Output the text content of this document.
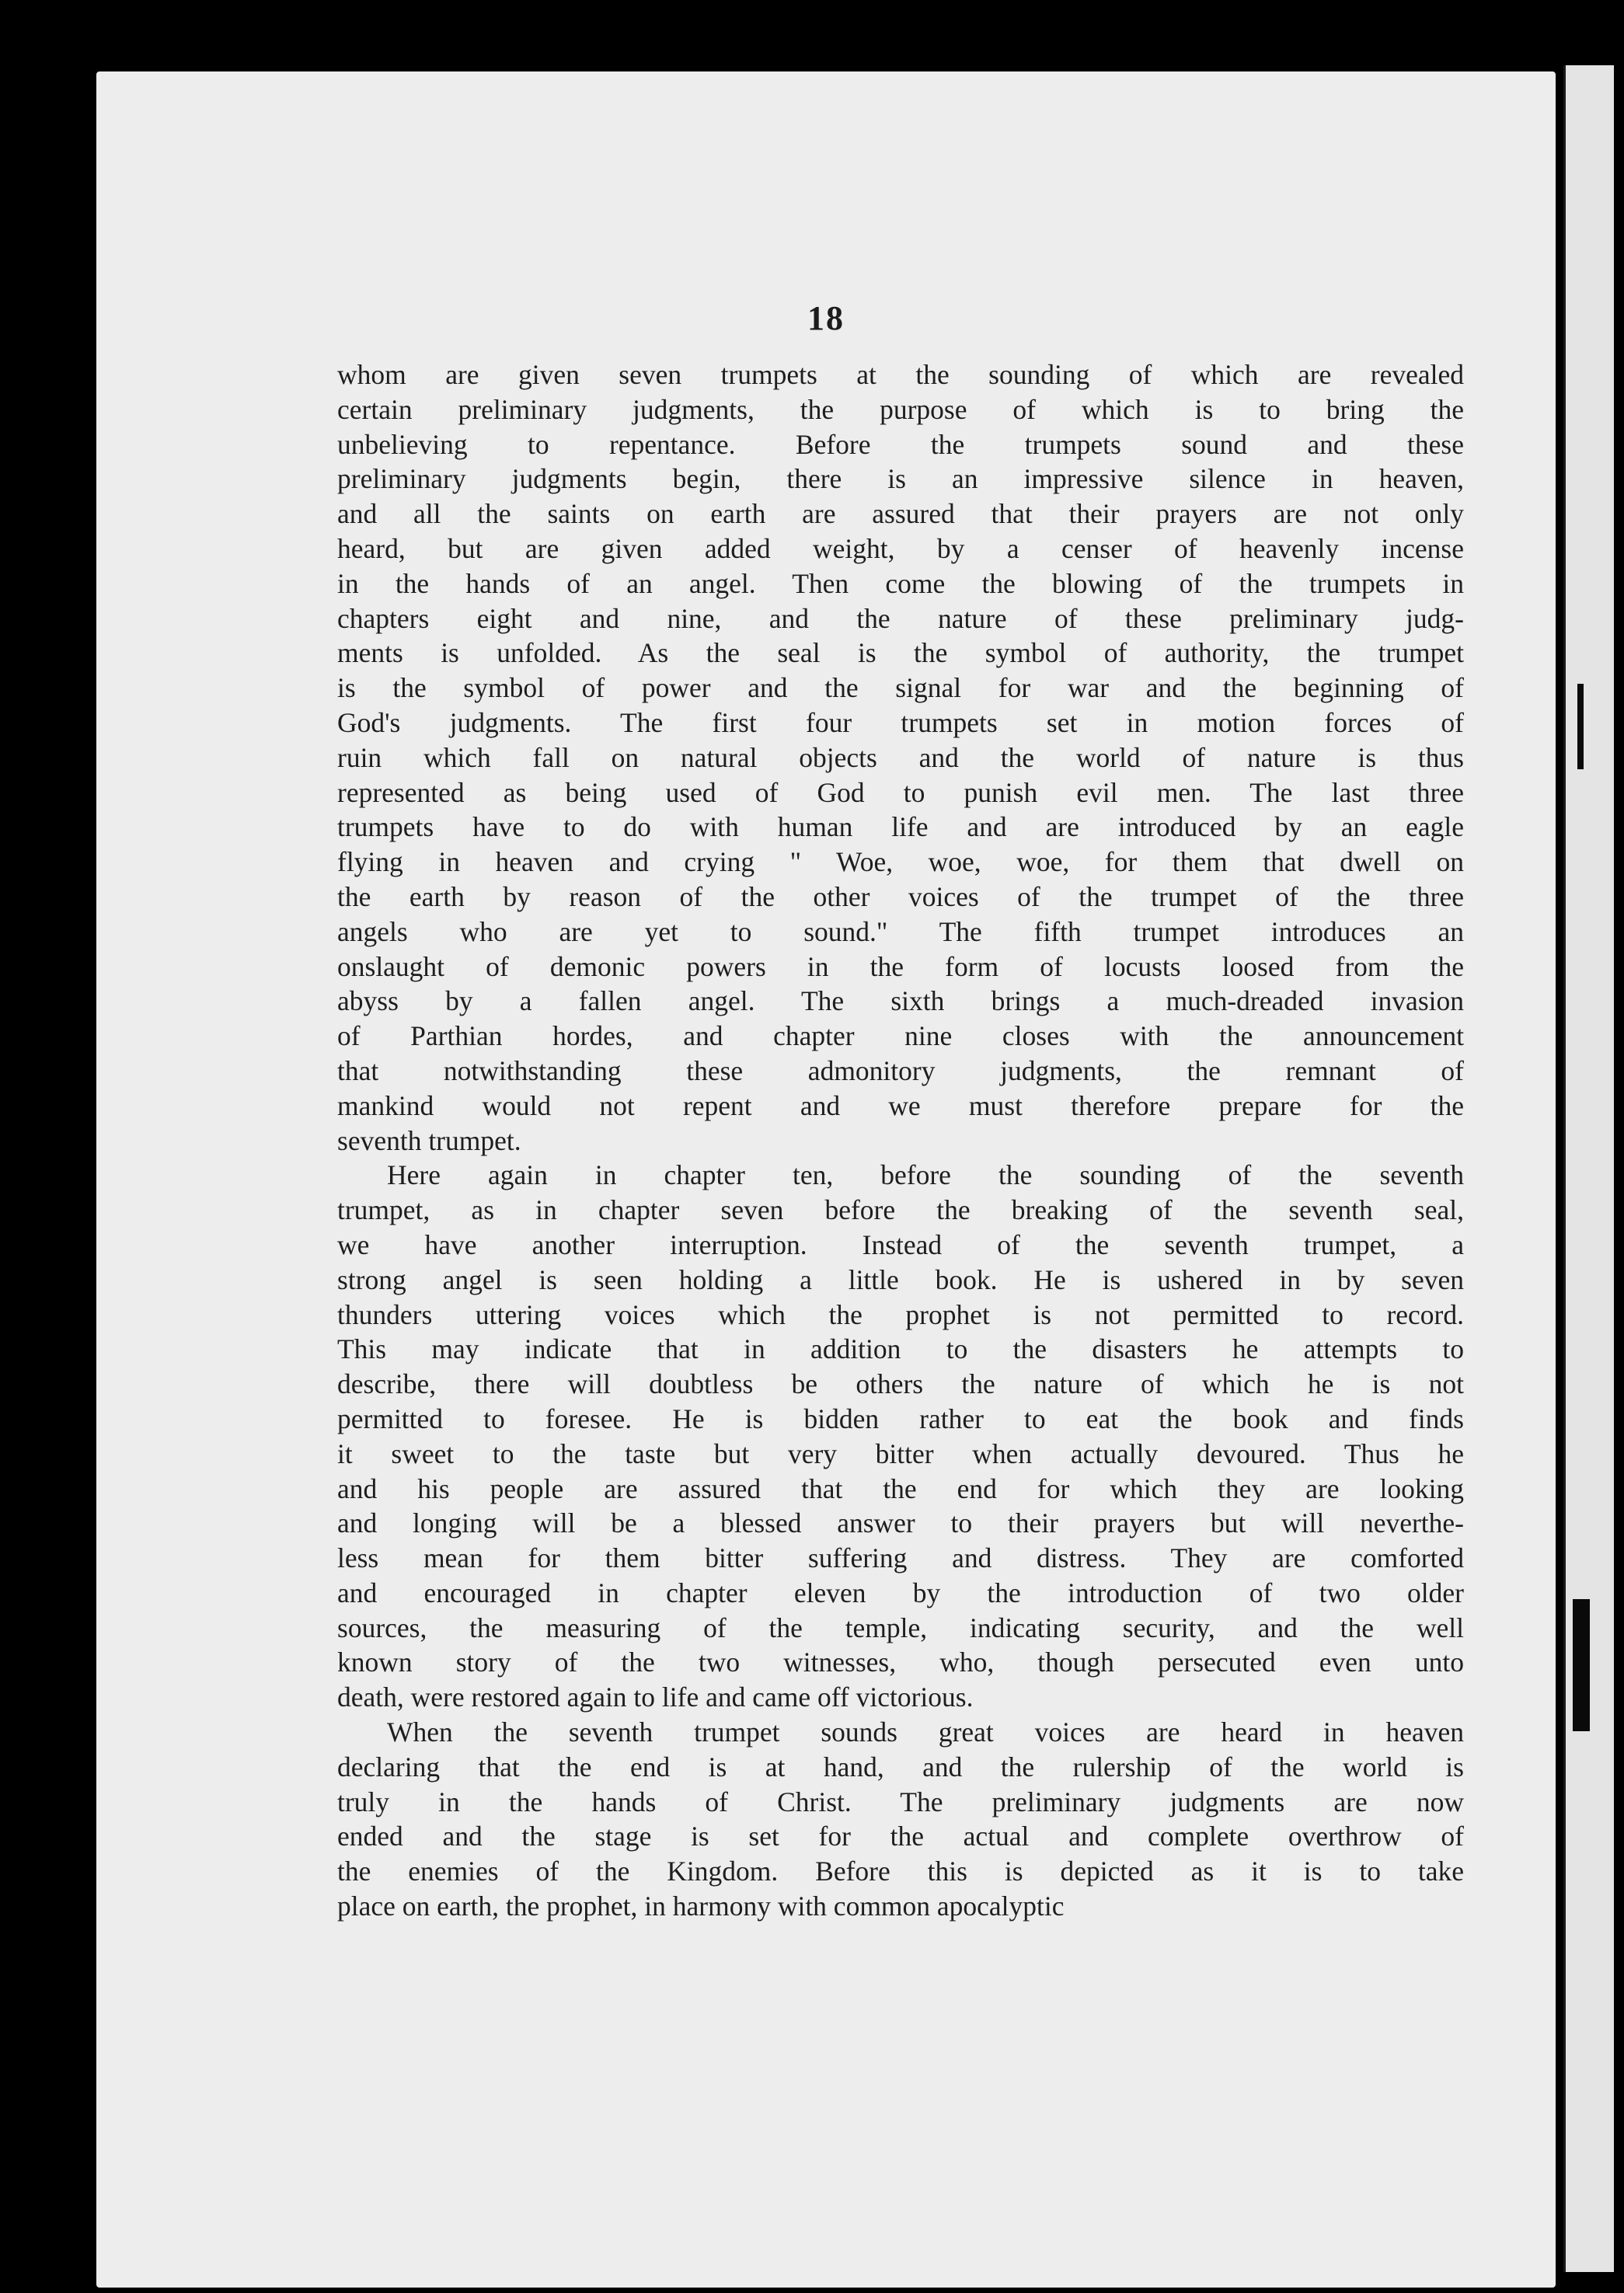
18
whom are given seven trumpets at the sounding of which are revealed
certain preliminary judgments, the purpose of which is to bring the
unbelieving to repentance. Before the trumpets sound and these
preliminary judgments begin, there is an impressive silence in heaven,
and all the saints on earth are assured that their prayers are not only
heard, but are given added weight, by a censer of heavenly incense
in the hands of an angel. Then come the blowing of the trumpets in
chapters eight and nine, and the nature of these preliminary judg-
ments is unfolded. As the seal is the symbol of authority, the trumpet
is the symbol of power and the signal for war and the beginning of
God's judgments. The first four trumpets set in motion forces of
ruin which fall on natural objects and the world of nature is thus
represented as being used of God to punish evil men. The last three
trumpets have to do with human life and are introduced by an eagle
flying in heaven and crying " Woe, woe, woe, for them that dwell on
the earth by reason of the other voices of the trumpet of the three
angels who are yet to sound." The fifth trumpet introduces an
onslaught of demonic powers in the form of locusts loosed from the
abyss by a fallen angel. The sixth brings a much-dreaded invasion
of Parthian hordes, and chapter nine closes with the announcement
that notwithstanding these admonitory judgments, the remnant of
mankind would not repent and we must therefore prepare for the
seventh trumpet.
Here again in chapter ten, before the sounding of the seventh
trumpet, as in chapter seven before the breaking of the seventh seal,
we have another interruption. Instead of the seventh trumpet, a
strong angel is seen holding a little book. He is ushered in by seven
thunders uttering voices which the prophet is not permitted to record.
This may indicate that in addition to the disasters he attempts to
describe, there will doubtless be others the nature of which he is not
permitted to foresee. He is bidden rather to eat the book and finds
it sweet to the taste but very bitter when actually devoured. Thus he
and his people are assured that the end for which they are looking
and longing will be a blessed answer to their prayers but will neverthe-
less mean for them bitter suffering and distress. They are comforted
and encouraged in chapter eleven by the introduction of two older
sources, the measuring of the temple, indicating security, and the well
known story of the two witnesses, who, though persecuted even unto
death, were restored again to life and came off victorious.
When the seventh trumpet sounds great voices are heard in heaven
declaring that the end is at hand, and the rulership of the world is
truly in the hands of Christ. The preliminary judgments are now
ended and the stage is set for the actual and complete overthrow of
the enemies of the Kingdom. Before this is depicted as it is to take
place on earth, the prophet, in harmony with common apocalyptic
